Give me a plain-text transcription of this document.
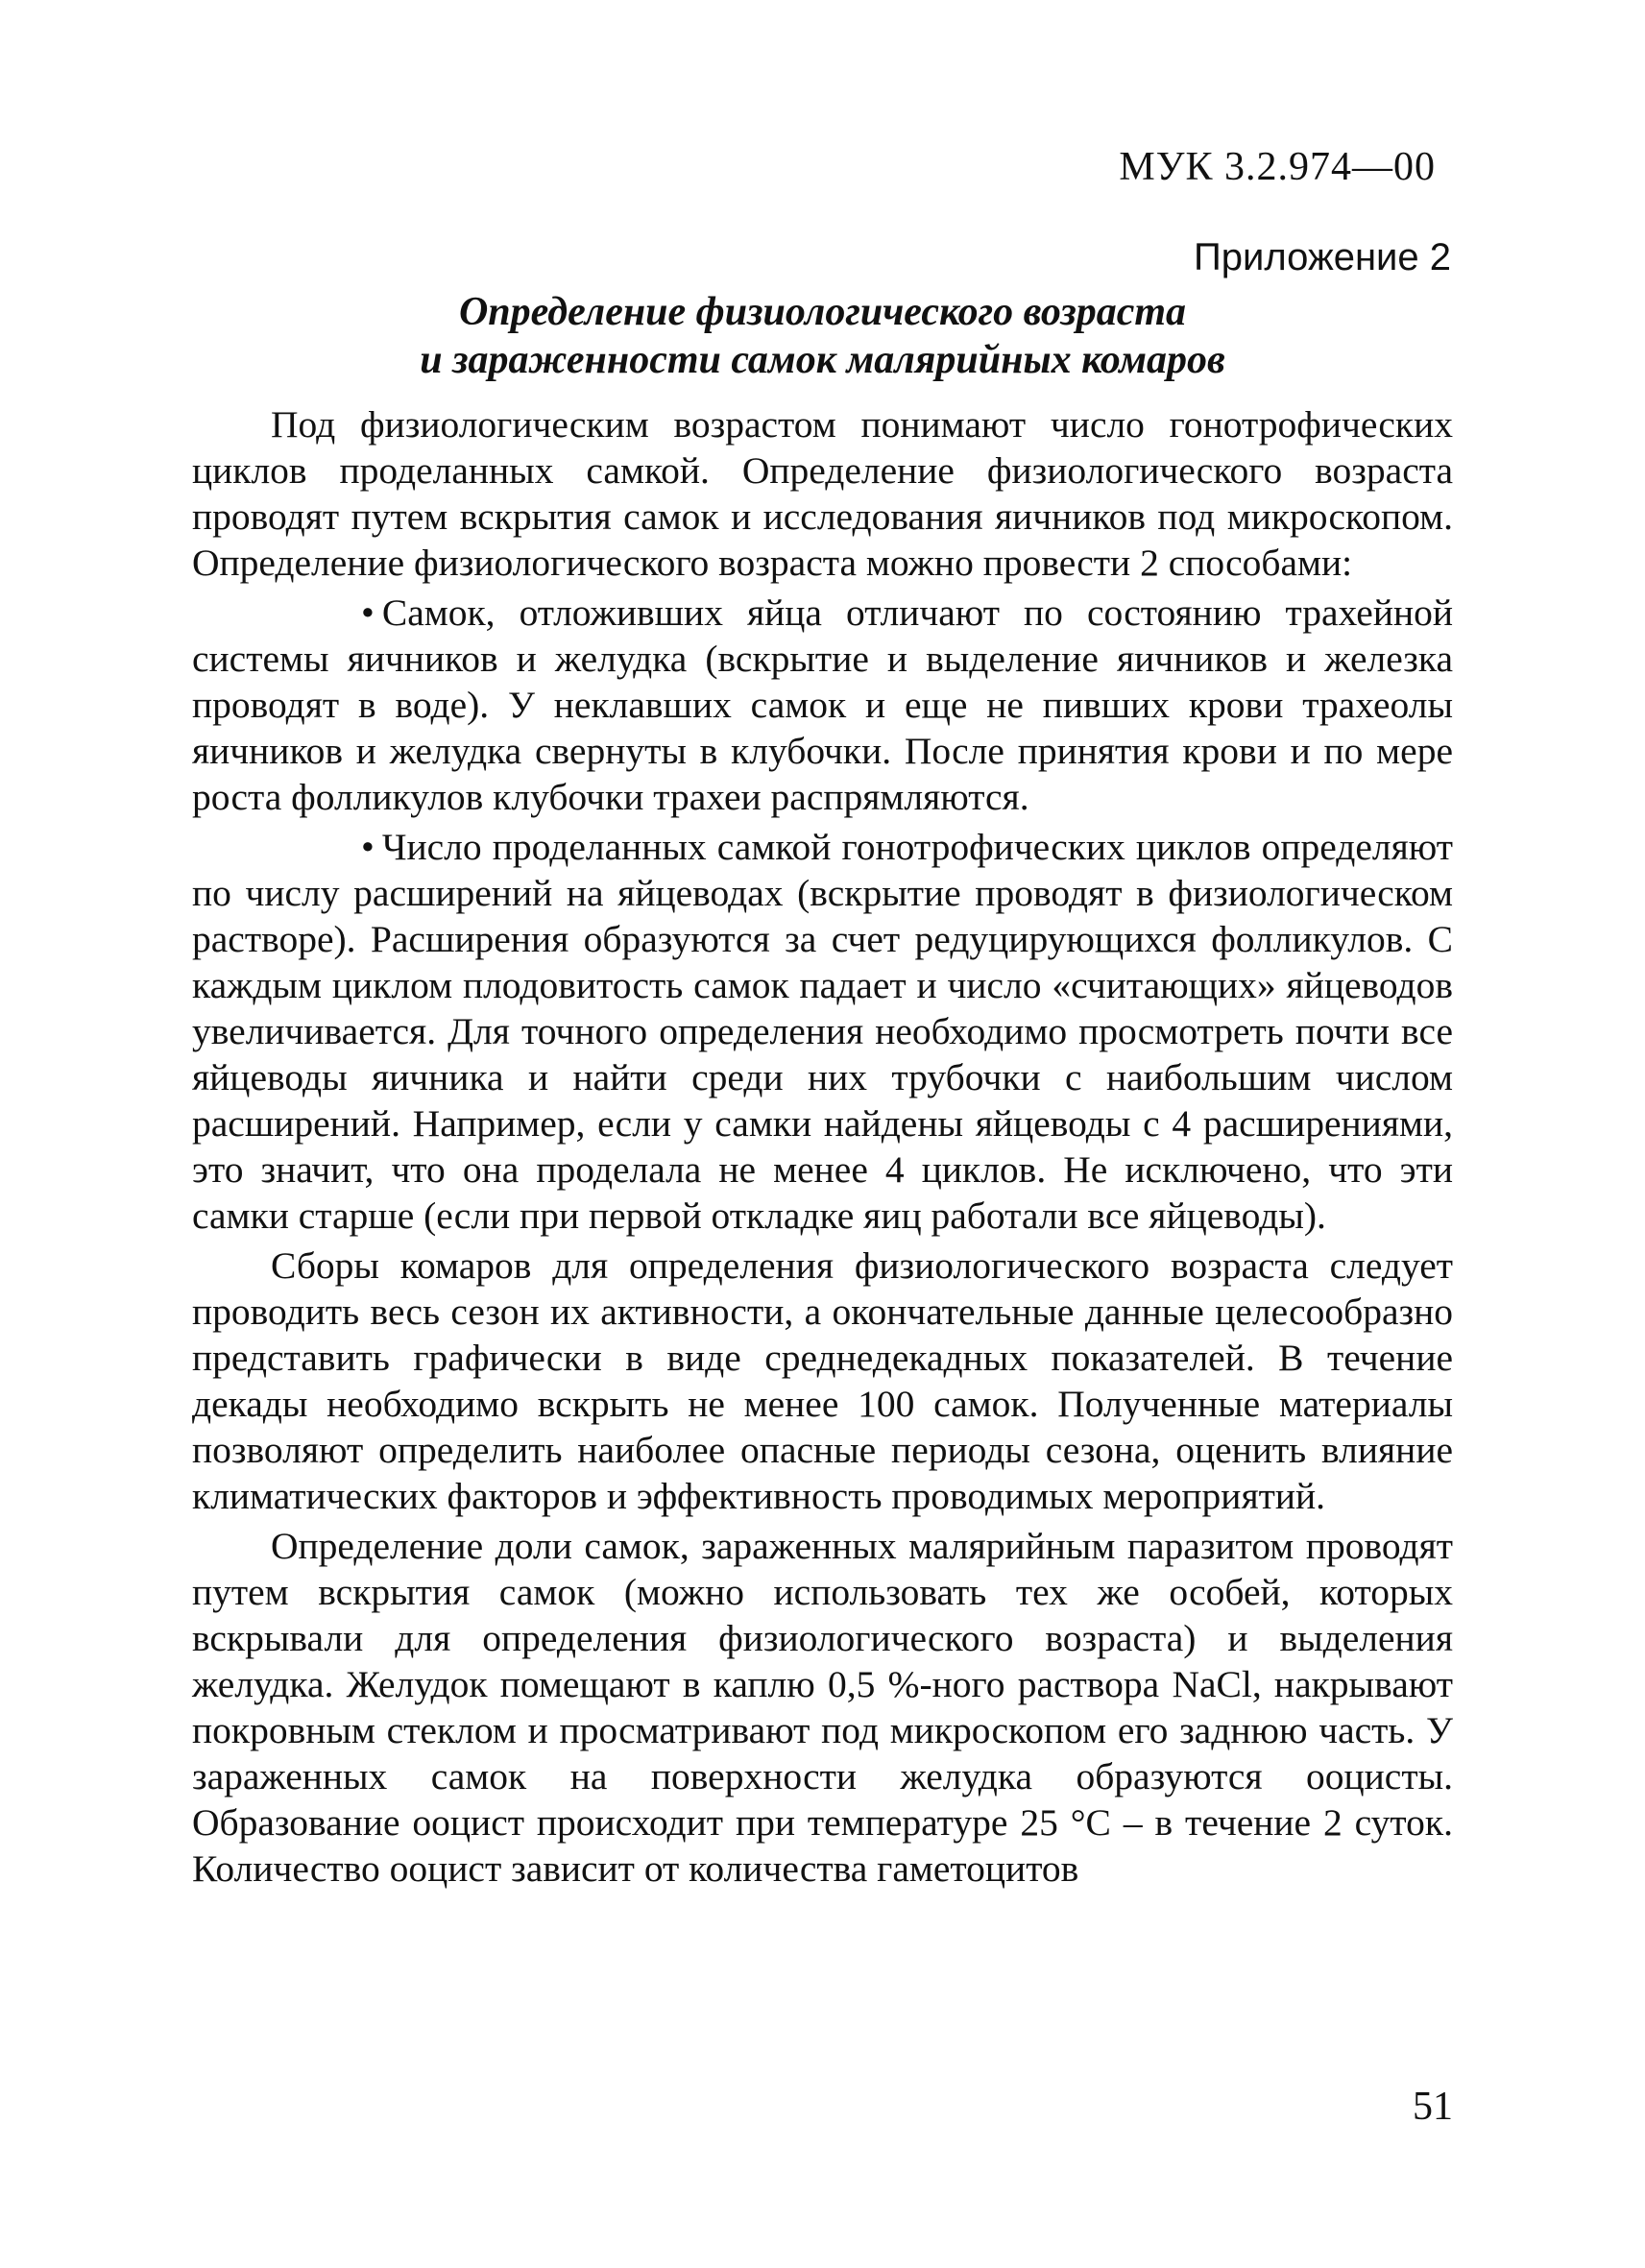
МУК 3.2.974—00
Приложение 2
Определение физиологического возраста
и зараженности самок малярийных комаров

Под физиологическим возрастом понимают число гонотрофических циклов проделанных самкой. Определение физиологического возраста проводят путем вскрытия самок и исследования яичников под микроскопом. Определение физиологического возраста можно провести 2 способами:

• Самок, отложивших яйца отличают по состоянию трахейной системы яичников и желудка (вскрытие и выделение яичников и железка проводят в воде). У неклавших самок и еще не пивших крови трахеолы яичников и желудка свернуты в клубочки. После принятия крови и по мере роста фолликулов клубочки трахеи распрямляются.

• Число проделанных самкой гонотрофических циклов определяют по числу расширений на яйцеводах (вскрытие проводят в физиологическом растворе). Расширения образуются за счет редуцирующихся фолликулов. С каждым циклом плодовитость самок падает и число «считающих» яйцеводов увеличивается. Для точного определения необходимо просмотреть почти все яйцеводы яичника и найти среди них трубочки с наибольшим числом расширений. Например, если у самки найдены яйцеводы с 4 расширениями, это значит, что она проделала не менее 4 циклов. Не исключено, что эти самки старше (если при первой откладке яиц работали все яйцеводы).

Сборы комаров для определения физиологического возраста следует проводить весь сезон их активности, а окончательные данные целесообразно представить графически в виде среднедекадных показателей. В течение декады необходимо вскрыть не менее 100 самок. Полученные материалы позволяют определить наиболее опасные периоды сезона, оценить влияние климатических факторов и эффективность проводимых мероприятий.

Определение доли самок, зараженных малярийным паразитом проводят путем вскрытия самок (можно использовать тех же особей, которых вскрывали для определения физиологического возраста) и выделения желудка. Желудок помещают в каплю 0,5 %-ного раствора NaCl, накрывают покровным стеклом и просматривают под микроскопом его заднюю часть. У зараженных самок на поверхности желудка образуются ооцисты. Образование ооцист происходит при температуре 25 °С – в течение 2 суток. Количество ооцист зависит от количества гаметоцитов

51
